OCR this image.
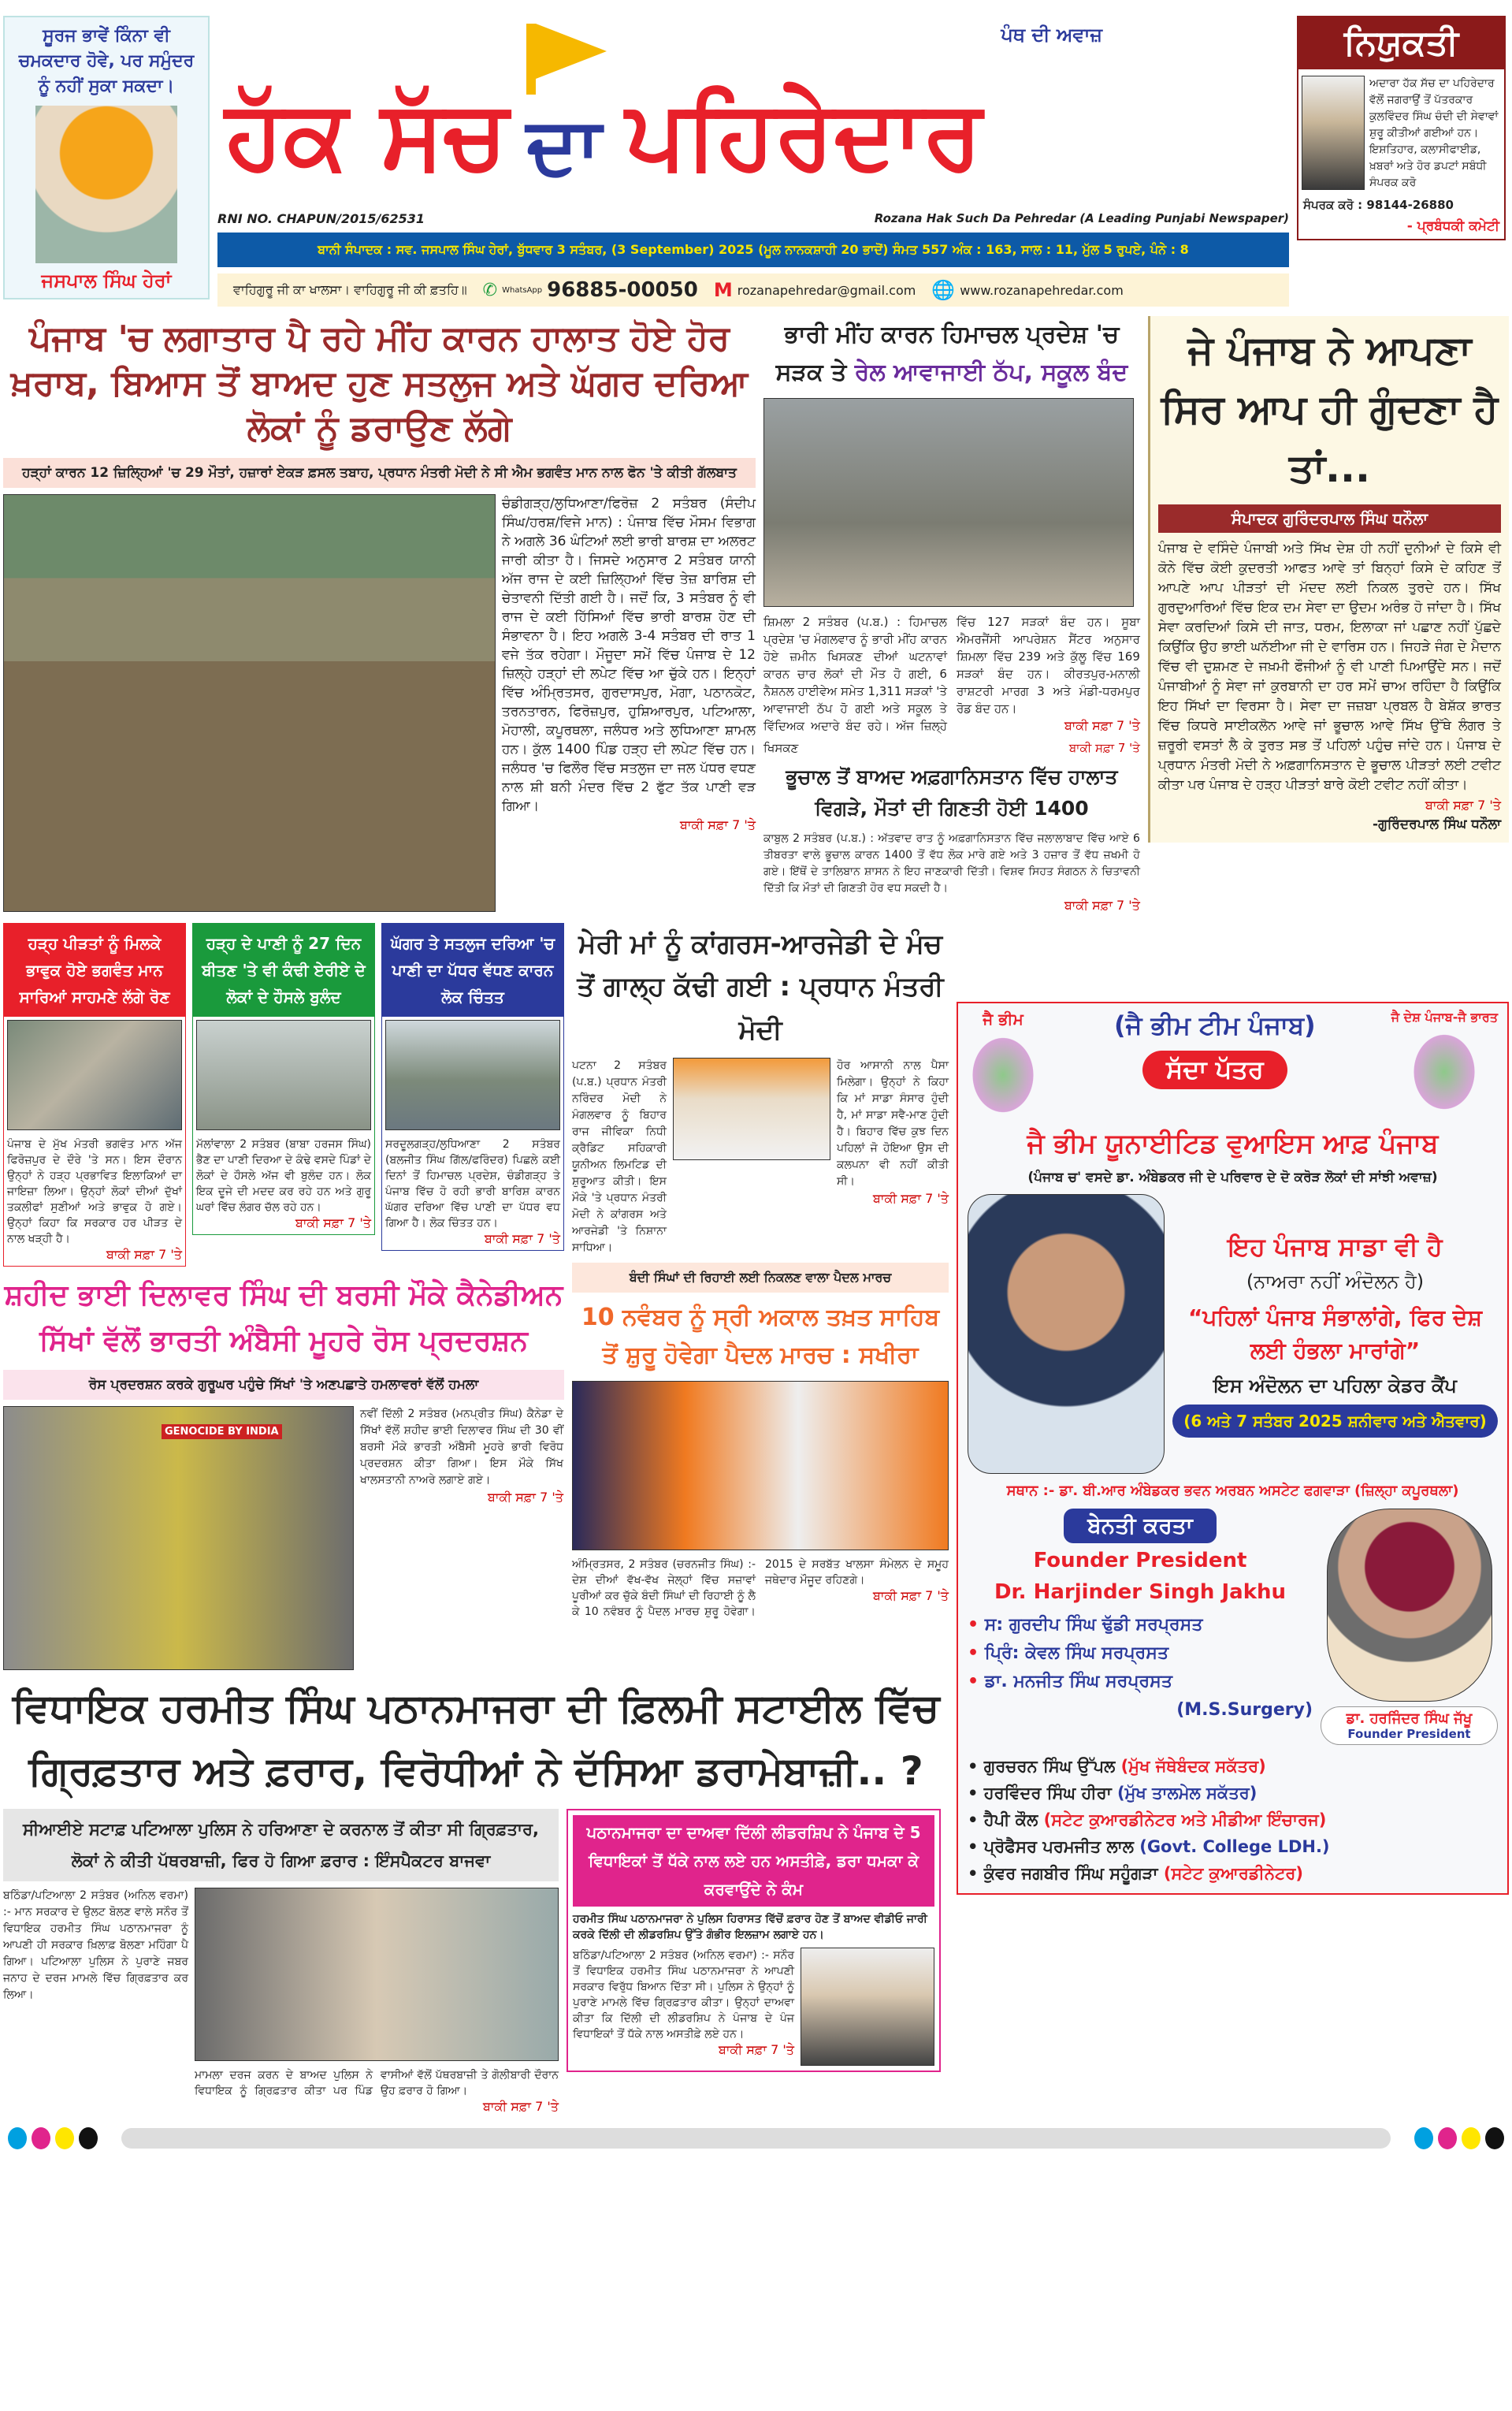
ਸੂਰਜ ਭਾਵੇਂ ਕਿੰਨਾ ਵੀ ਚਮਕਦਾਰ ਹੋਵੇ, ਪਰ ਸਮੁੰਦਰ ਨੂੰ ਨਹੀਂ ਸੁਕਾ ਸਕਦਾ।
ਜਸਪਾਲ ਸਿੰਘ ਹੇਰਾਂ
ਹੱਕ ਸੱਚ ਦਾ ਪਹਿਰੇਦਾਰ
ਪੰਥ ਦੀ ਅਵਾਜ਼
RNI NO. CHAPUN/2015/62531	Rozana Hak Such Da Pehredar (A Leading Punjabi Newspaper)
ਬਾਨੀ ਸੰਪਾਦਕ : ਸਵ. ਜਸਪਾਲ ਸਿੰਘ ਹੇਰਾਂ, ਬੁੱਧਵਾਰ 3 ਸਤੰਬਰ, (3 September) 2025 (ਮੂਲ ਨਾਨਕਸ਼ਾਹੀ 20 ਭਾਦੋਂ) ਸੰਮਤ 557 ਅੰਕ : 163, ਸਾਲ : 11, ਮੁੱਲ 5 ਰੁਪਏ, ਪੰਨੇ : 8
ਵਾਹਿਗੁਰੂ ਜੀ ਕਾ ਖਾਲਸਾ। ਵਾਹਿਗੁਰੂ ਜੀ ਕੀ ਫ਼ਤਹਿ॥ ✆ WhatsApp 96885-00050 M rozanapehredar@gmail.com 🌐 www.rozanapehredar.com
ਨਿਯੁਕਤੀ
ਅਦਾਰਾ ਹੱਕ ਸੱਚ ਦਾ ਪਹਿਰੇਦਾਰ ਵੱਲੋਂ ਜਗਰਾਉਂ ਤੋਂ ਪੱਤਰਕਾਰ ਕੁਲਵਿੰਦਰ ਸਿੰਘ ਚੰਦੀ ਦੀ ਸੇਵਾਵਾਂ ਸ਼ੁਰੂ ਕੀਤੀਆਂ ਗਈਆਂ ਹਨ। ਇਸ਼ਤਿਹਾਰ, ਕਲਾਸੀਫਾਈਡ, ਖ਼ਬਰਾਂ ਅਤੇ ਹੋਰ ਡਪਟਾਂ ਸਬੰਧੀ ਸੰਪਰਕ ਕਰੋ
ਸੰਪਰਕ ਕਰੋ : 98144-26880
- ਪ੍ਰਬੰਧਕੀ ਕਮੇਟੀ
ਪੰਜਾਬ 'ਚ ਲਗਾਤਾਰ ਪੈ ਰਹੇ ਮੀਂਹ ਕਾਰਨ ਹਾਲਾਤ ਹੋਏ ਹੋਰ ਖ਼ਰਾਬ, ਬਿਆਸ ਤੋਂ ਬਾਅਦ ਹੁਣ ਸਤਲੁਜ ਅਤੇ ਘੱਗਰ ਦਰਿਆ ਲੋਕਾਂ ਨੂੰ ਡਰਾਉਣ ਲੱਗੇ
ਹੜ੍ਹਾਂ ਕਾਰਨ 12 ਜ਼ਿਲ੍ਹਿਆਂ 'ਚ 29 ਮੌਤਾਂ, ਹਜ਼ਾਰਾਂ ਏਕੜ ਫ਼ਸਲ ਤਬਾਹ, ਪ੍ਰਧਾਨ ਮੰਤਰੀ ਮੋਦੀ ਨੇ ਸੀ ਐਮ ਭਗਵੰਤ ਮਾਨ ਨਾਲ ਫੋਨ 'ਤੇ ਕੀਤੀ ਗੱਲਬਾਤ
ਚੰਡੀਗੜ੍ਹ/ਲੁਧਿਆਣਾ/ਫਿਰੋਜ਼ 2 ਸਤੰਬਰ (ਸੰਦੀਪ ਸਿੰਘ/ਹਰਸ਼/ਵਿਜੇ ਮਾਨ) : ਪੰਜਾਬ ਵਿੱਚ ਮੌਸਮ ਵਿਭਾਗ ਨੇ ਅਗਲੇ 36 ਘੰਟਿਆਂ ਲਈ ਭਾਰੀ ਬਾਰਸ਼ ਦਾ ਅਲਰਟ ਜਾਰੀ ਕੀਤਾ ਹੈ। ਜਿਸਦੇ ਅਨੁਸਾਰ 2 ਸਤੰਬਰ ਯਾਨੀ ਅੱਜ ਰਾਜ ਦੇ ਕਈ ਜ਼ਿਲ੍ਹਿਆਂ ਵਿੱਚ ਤੇਜ਼ ਬਾਰਿਸ਼ ਦੀ ਚੇਤਾਵਨੀ ਦਿੱਤੀ ਗਈ ਹੈ। ਜਦੋਂ ਕਿ, 3 ਸਤੰਬਰ ਨੂੰ ਵੀ ਰਾਜ ਦੇ ਕਈ ਹਿੱਸਿਆਂ ਵਿੱਚ ਭਾਰੀ ਬਾਰਸ਼ ਹੋਣ ਦੀ ਸੰਭਾਵਨਾ ਹੈ। ਇਹ ਅਗਲੇ 3-4 ਸਤੰਬਰ ਦੀ ਰਾਤ 1 ਵਜੇ ਤੱਕ ਰਹੇਗਾ। ਮੌਜੂਦਾ ਸਮੇਂ ਵਿੱਚ ਪੰਜਾਬ ਦੇ 12 ਜ਼ਿਲ੍ਹੇ ਹੜ੍ਹਾਂ ਦੀ ਲਪੇਟ ਵਿੱਚ ਆ ਚੁੱਕੇ ਹਨ। ਇਨ੍ਹਾਂ ਵਿੱਚ ਅੰਮ੍ਰਿਤਸਰ, ਗੁਰਦਾਸਪੁਰ, ਮੋਗਾ, ਪਠਾਨਕੋਟ, ਤਰਨਤਾਰਨ, ਫਿਰੋਜ਼ਪੁਰ, ਹੁਸ਼ਿਆਰਪੁਰ, ਪਟਿਆਲਾ, ਮੋਹਾਲੀ, ਕਪੂਰਥਲਾ, ਜਲੰਧਰ ਅਤੇ ਲੁਧਿਆਣਾ ਸ਼ਾਮਲ ਹਨ। ਕੁੱਲ 1400 ਪਿੰਡ ਹੜ੍ਹ ਦੀ ਲਪੇਟ ਵਿੱਚ ਹਨ। ਜਲੰਧਰ 'ਚ ਫਿਲੌਰ ਵਿੱਚ ਸਤਲੁਜ ਦਾ ਜਲ ਪੱਧਰ ਵਧਣ ਨਾਲ ਸ਼ੀ ਬਨੀ ਮੰਦਰ ਵਿੱਚ 2 ਫੁੱਟ ਤੱਕ ਪਾਣੀ ਵੜ ਗਿਆ।
ਬਾਕੀ ਸਫ਼ਾ 7 'ਤੇ
ਭਾਰੀ ਮੀਂਹ ਕਾਰਨ ਹਿਮਾਚਲ ਪ੍ਰਦੇਸ਼ 'ਚ
ਸੜਕ ਤੇ ਰੇਲ ਆਵਾਜਾਈ ਠੱਪ, ਸਕੂਲ ਬੰਦ
ਸ਼ਿਮਲਾ 2 ਸਤੰਬਰ (ਪ.ਬ.) : ਹਿਮਾਚਲ ਪ੍ਰਦੇਸ਼ 'ਚ ਮੰਗਲਵਾਰ ਨੂੰ ਭਾਰੀ ਮੀਂਹ ਕਾਰਨ ਹੋਏ ਜ਼ਮੀਨ ਖਿਸਕਣ ਦੀਆਂ ਘਟਨਾਵਾਂ ਕਾਰਨ ਚਾਰ ਲੋਕਾਂ ਦੀ ਮੌਤ ਹੋ ਗਈ, 6 ਨੈਸ਼ਨਲ ਹਾਈਵੇਅ ਸਮੇਤ 1,311 ਸੜਕਾਂ 'ਤੇ ਆਵਾਜਾਈ ਠੱਪ ਹੋ ਗਈ ਅਤੇ ਸਕੂਲ ਤੇ ਵਿੱਦਿਅਕ ਅਦਾਰੇ ਬੰਦ ਰਹੇ। ਅੱਜ ਜ਼ਿਲ੍ਹੇ ਵਿੱਚ 127 ਸੜਕਾਂ ਬੰਦ ਹਨ। ਸੂਬਾ ਐਮਰਜੈਂਸੀ ਆਪਰੇਸ਼ਨ ਸੈਂਟਰ ਅਨੁਸਾਰ ਸ਼ਿਮਲਾ ਵਿੱਚ 239 ਅਤੇ ਕੁੱਲੂ ਵਿੱਚ 169 ਸੜਕਾਂ ਬੰਦ ਹਨ। ਕੀਰਤਪੁਰ-ਮਨਾਲੀ ਰਾਸ਼ਟਰੀ ਮਾਰਗ 3 ਅਤੇ ਮੰਡੀ-ਧਰਮਪੁਰ ਰੋਡ ਬੰਦ ਹਨ।
ਬਾਕੀ ਸਫ਼ਾ 7 'ਤੇ
ਖਿਸਕਣ	ਬਾਕੀ ਸਫ਼ਾ 7 'ਤੇ
ਭੂਚਾਲ ਤੋਂ ਬਾਅਦ ਅਫ਼ਗਾਨਿਸਤਾਨ ਵਿੱਚ ਹਾਲਾਤ ਵਿਗੜੇ, ਮੌਤਾਂ ਦੀ ਗਿਣਤੀ ਹੋਈ 1400
ਕਾਬੁਲ 2 ਸਤੰਬਰ (ਪ.ਬ.) : ਅੱਤਵਾਦ ਰਾਤ ਨੂੰ ਅਫ਼ਗਾਨਿਸਤਾਨ ਵਿੱਚ ਜਲਾਲਾਬਾਦ ਵਿੱਚ ਆਏ 6 ਤੀਬਰਤਾ ਵਾਲੇ ਭੂਚਾਲ ਕਾਰਨ 1400 ਤੋਂ ਵੱਧ ਲੋਕ ਮਾਰੇ ਗਏ ਅਤੇ 3 ਹਜ਼ਾਰ ਤੋਂ ਵੱਧ ਜ਼ਖਮੀ ਹੋ ਗਏ। ਇੱਥੋਂ ਦੇ ਤਾਲਿਬਾਨ ਸ਼ਾਸਨ ਨੇ ਇਹ ਜਾਣਕਾਰੀ ਦਿੱਤੀ। ਵਿਸ਼ਵ ਸਿਹਤ ਸੰਗਠਨ ਨੇ ਚਿਤਾਵਨੀ ਦਿੱਤੀ ਕਿ ਮੌਤਾਂ ਦੀ ਗਿਣਤੀ ਹੋਰ ਵਧ ਸਕਦੀ ਹੈ।
ਬਾਕੀ ਸਫ਼ਾ 7 'ਤੇ
ਜੇ ਪੰਜਾਬ ਨੇ ਆਪਣਾ ਸਿਰ ਆਪ ਹੀ ਗੁੰਦਣਾ ਹੈ ਤਾਂ...
ਸੰਪਾਦਕ ਗੁਰਿੰਦਰਪਾਲ ਸਿੰਘ ਧਨੌਲਾ
ਪੰਜਾਬ ਦੇ ਵਸਿੰਦੇ ਪੰਜਾਬੀ ਅਤੇ ਸਿੱਖ ਦੇਸ਼ ਹੀ ਨਹੀਂ ਦੁਨੀਆਂ ਦੇ ਕਿਸੇ ਵੀ ਕੋਨੇ ਵਿੱਚ ਕੋਈ ਕੁਦਰਤੀ ਆਫਤ ਆਵੇ ਤਾਂ ਬਿਨ੍ਹਾਂ ਕਿਸੇ ਦੇ ਕਹਿਣ ਤੋਂ ਆਪਣੇ ਆਪ ਪੀੜਤਾਂ ਦੀ ਮੱਦਦ ਲਈ ਨਿਕਲ ਤੁਰਦੇ ਹਨ। ਸਿੱਖ ਗੁਰਦੁਆਰਿਆਂ ਵਿੱਚ ਇਕ ਦਮ ਸੇਵਾ ਦਾ ਉਦਮ ਅਰੰਭ ਹੋ ਜਾਂਦਾ ਹੈ। ਸਿੱਖ ਸੇਵਾ ਕਰਦਿਆਂ ਕਿਸੇ ਦੀ ਜਾਤ, ਧਰਮ, ਇਲਾਕਾ ਜਾਂ ਪਛਾਣ ਨਹੀਂ ਪੁੱਛਦੇ ਕਿਉਂਕਿ ਉਹ ਭਾਈ ਘਨੱਈਆ ਜੀ ਦੇ ਵਾਰਿਸ ਹਨ। ਜਿਹੜੇ ਜੰਗ ਦੇ ਮੈਦਾਨ ਵਿੱਚ ਵੀ ਦੁਸ਼ਮਣ ਦੇ ਜਖ਼ਮੀ ਫੌਜੀਆਂ ਨੂੰ ਵੀ ਪਾਣੀ ਪਿਆਉਂਦੇ ਸਨ। ਜਦੋਂ ਪੰਜਾਬੀਆਂ ਨੂੰ ਸੇਵਾ ਜਾਂ ਕੁਰਬਾਨੀ ਦਾ ਹਰ ਸਮੇਂ ਚਾਅ ਰਹਿੰਦਾ ਹੈ ਕਿਉਂਕਿ ਇਹ ਸਿੱਖਾਂ ਦਾ ਵਿਰਸਾ ਹੈ। ਸੇਵਾ ਦਾ ਜਜ਼ਬਾ ਪ੍ਰਬਲ ਹੈ ਬੇਸ਼ੱਕ ਭਾਰਤ ਵਿੱਚ ਕਿਧਰੇ ਸਾਈਕਲੋਨ ਆਵੇ ਜਾਂ ਭੂਚਾਲ ਆਵੇ ਸਿੱਖ ਉੱਥੇ ਲੰਗਰ ਤੇ ਜ਼ਰੂਰੀ ਵਸਤਾਂ ਲੈ ਕੇ ਤੁਰਤ ਸਭ ਤੋਂ ਪਹਿਲਾਂ ਪਹੁੰਚ ਜਾਂਦੇ ਹਨ। ਪੰਜਾਬ ਦੇ ਪ੍ਰਧਾਨ ਮੰਤਰੀ ਮੋਦੀ ਨੇ ਅਫ਼ਗਾਨਿਸਤਾਨ ਦੇ ਭੂਚਾਲ ਪੀੜਤਾਂ ਲਈ ਟਵੀਟ ਕੀਤਾ ਪਰ ਪੰਜਾਬ ਦੇ ਹੜ੍ਹ ਪੀੜਤਾਂ ਬਾਰੇ ਕੋਈ ਟਵੀਟ ਨਹੀਂ ਕੀਤਾ।
ਬਾਕੀ ਸਫ਼ਾ 7 'ਤੇ
-ਗੁਰਿੰਦਰਪਾਲ ਸਿੰਘ ਧਨੌਲਾ
ਹੜ੍ਹ ਪੀੜਤਾਂ ਨੂੰ ਮਿਲਕੇ ਭਾਵੁਕ ਹੋਏ ਭਗਵੰਤ ਮਾਨ ਸਾਰਿਆਂ ਸਾਹਮਣੇ ਲੱਗੇ ਰੋਣ
ਪੰਜਾਬ ਦੇ ਮੁੱਖ ਮੰਤਰੀ ਭਗਵੰਤ ਮਾਨ ਅੱਜ ਫਿਰੋਜ਼ਪੁਰ ਦੇ ਦੌਰੇ 'ਤੇ ਸਨ। ਇਸ ਦੌਰਾਨ ਉਨ੍ਹਾਂ ਨੇ ਹੜ੍ਹ ਪ੍ਰਭਾਵਿਤ ਇਲਾਕਿਆਂ ਦਾ ਜਾਇਜ਼ਾ ਲਿਆ। ਉਨ੍ਹਾਂ ਲੋਕਾਂ ਦੀਆਂ ਦੁੱਖਾਂ ਤਕਲੀਫਾਂ ਸੁਣੀਆਂ ਅਤੇ ਭਾਵੁਕ ਹੋ ਗਏ। ਉਨ੍ਹਾਂ ਕਿਹਾ ਕਿ ਸਰਕਾਰ ਹਰ ਪੀੜਤ ਦੇ ਨਾਲ ਖੜ੍ਹੀ ਹੈ।
ਬਾਕੀ ਸਫ਼ਾ 7 'ਤੇ
ਹੜ੍ਹ ਦੇ ਪਾਣੀ ਨੂੰ 27 ਦਿਨ ਬੀਤਣ 'ਤੇ ਵੀ ਕੰਢੀ ਏਰੀਏ ਦੇ ਲੋਕਾਂ ਦੇ ਹੌਸਲੇ ਬੁਲੰਦ
ਮੱਲਾਂਵਾਲਾ 2 ਸਤੰਬਰ (ਬਾਬਾ ਹਰਜਸ ਸਿੰਘ) ਭੈਣ ਦਾ ਪਾਣੀ ਦਿਰਆ ਦੇ ਕੰਢੇ ਵਸਦੇ ਪਿੰਡਾਂ ਦੇ ਲੋਕਾਂ ਦੇ ਹੌਸਲੇ ਅੱਜ ਵੀ ਬੁਲੰਦ ਹਨ। ਲੋਕ ਇਕ ਦੂਜੇ ਦੀ ਮਦਦ ਕਰ ਰਹੇ ਹਨ ਅਤੇ ਗੁਰੂ ਘਰਾਂ ਵਿੱਚ ਲੰਗਰ ਚੱਲ ਰਹੇ ਹਨ।
ਬਾਕੀ ਸਫ਼ਾ 7 'ਤੇ
ਘੱਗਰ ਤੇ ਸਤਲੁਜ ਦਰਿਆ 'ਚ ਪਾਣੀ ਦਾ ਪੱਧਰ ਵੱਧਣ ਕਾਰਨ ਲੋਕ ਚਿੰਤਤ
ਸਰਦੂਲਗੜ੍ਹ/ਲੁਧਿਆਣਾ 2 ਸਤੰਬਰ (ਬਲਜੀਤ ਸਿੰਘ ਗਿੱਲ/ਫਰਿੰਦਰ) ਪਿਛਲੇ ਕਈ ਦਿਨਾਂ ਤੋਂ ਹਿਮਾਚਲ ਪ੍ਰਦੇਸ਼, ਚੰਡੀਗੜ੍ਹ ਤੇ ਪੰਜਾਬ ਵਿੱਚ ਹੋ ਰਹੀ ਭਾਰੀ ਬਾਰਿਸ਼ ਕਾਰਨ ਘੱਗਰ ਦਰਿਆ ਵਿੱਚ ਪਾਣੀ ਦਾ ਪੱਧਰ ਵਧ ਗਿਆ ਹੈ। ਲੋਕ ਚਿੰਤਤ ਹਨ।
ਬਾਕੀ ਸਫ਼ਾ 7 'ਤੇ
ਸ਼ਹੀਦ ਭਾਈ ਦਿਲਾਵਰ ਸਿੰਘ ਦੀ ਬਰਸੀ ਮੌਕੇ ਕੈਨੇਡੀਅਨ ਸਿੱਖਾਂ ਵੱਲੋਂ ਭਾਰਤੀ ਅੰਬੈਸੀ ਮੂਹਰੇ ਰੋਸ ਪ੍ਰਦਰਸ਼ਨ
ਰੋਸ ਪ੍ਰਦਰਸ਼ਨ ਕਰਕੇ ਗੁਰੂਘਰ ਪਹੁੰਚੇ ਸਿੱਖਾਂ 'ਤੇ ਅਣਪਛਾਤੇ ਹਮਲਾਵਰਾਂ ਵੱਲੋਂ ਹਮਲਾ
GENOCIDE BY INDIA
ਨਵੀਂ ਦਿੱਲੀ 2 ਸਤੰਬਰ (ਮਨਪ੍ਰੀਤ ਸਿੰਘ) ਕੈਨੇਡਾ ਦੇ ਸਿੱਖਾਂ ਵੱਲੋਂ ਸ਼ਹੀਦ ਭਾਈ ਦਿਲਾਵਰ ਸਿੰਘ ਦੀ 30 ਵੀਂ ਬਰਸੀ ਮੌਕੇ ਭਾਰਤੀ ਅੰਬੈਸੀ ਮੂਹਰੇ ਭਾਰੀ ਵਿਰੋਧ ਪ੍ਰਦਰਸ਼ਨ ਕੀਤਾ ਗਿਆ। ਇਸ ਮੌਕੇ ਸਿੱਖ ਖਾਲਸਤਾਨੀ ਨਾਅਰੇ ਲਗਾਏ ਗਏ।
ਬਾਕੀ ਸਫ਼ਾ 7 'ਤੇ
ਮੇਰੀ ਮਾਂ ਨੂੰ ਕਾਂਗਰਸ-ਆਰਜੇਡੀ ਦੇ ਮੰਚ ਤੋਂ ਗਾਲ੍ਹ ਕੱਢੀ ਗਈ : ਪ੍ਰਧਾਨ ਮੰਤਰੀ ਮੋਦੀ
ਪਟਨਾ 2 ਸਤੰਬਰ (ਪ.ਬ.) ਪ੍ਰਧਾਨ ਮੰਤਰੀ ਨਰਿੰਦਰ ਮੋਦੀ ਨੇ ਮੰਗਲਵਾਰ ਨੂੰ ਬਿਹਾਰ ਰਾਜ ਜੀਵਿਕਾ ਨਿਧੀ ਕ੍ਰੈਡਿਟ ਸਹਿਕਾਰੀ ਯੂਨੀਅਨ ਲਿਮਟਿਡ ਦੀ ਸ਼ੁਰੂਆਤ ਕੀਤੀ। ਇਸ ਮੌਕੇ 'ਤੇ ਪ੍ਰਧਾਨ ਮੰਤਰੀ ਮੋਦੀ ਨੇ ਕਾਂਗਰਸ ਅਤੇ ਆਰਜੇਡੀ 'ਤੇ ਨਿਸ਼ਾਨਾ ਸਾਧਿਆ।
ਹੋਰ ਆਸਾਨੀ ਨਾਲ ਪੈਸਾ ਮਿਲੇਗਾ। ਉਨ੍ਹਾਂ ਨੇ ਕਿਹਾ ਕਿ ਮਾਂ ਸਾਡਾ ਸੰਸਾਰ ਹੁੰਦੀ ਹੈ, ਮਾਂ ਸਾਡਾ ਸਵੈ-ਮਾਣ ਹੁੰਦੀ ਹੈ। ਬਿਹਾਰ ਵਿੱਚ ਕੁਝ ਦਿਨ ਪਹਿਲਾਂ ਜੋ ਹੋਇਆ ਉਸ ਦੀ ਕਲਪਨਾ ਵੀ ਨਹੀਂ ਕੀਤੀ ਸੀ।
ਬਾਕੀ ਸਫ਼ਾ 7 'ਤੇ
ਬੰਦੀ ਸਿੰਘਾਂ ਦੀ ਰਿਹਾਈ ਲਈ ਨਿਕਲਣ ਵਾਲਾ ਪੈਦਲ ਮਾਰਚ
10 ਨਵੰਬਰ ਨੂੰ ਸ੍ਰੀ ਅਕਾਲ ਤਖ਼ਤ ਸਾਹਿਬ ਤੋਂ ਸ਼ੁਰੂ ਹੋਵੇਗਾ ਪੈਦਲ ਮਾਰਚ : ਸਖੀਰਾ
ਅੰਮ੍ਰਿਤਸਰ, 2 ਸਤੰਬਰ (ਚਰਨਜੀਤ ਸਿੰਘ) :- ਦੇਸ਼ ਦੀਆਂ ਵੱਖ-ਵੱਖ ਜੇਲ੍ਹਾਂ ਵਿੱਚ ਸਜ਼ਾਵਾਂ ਪੂਰੀਆਂ ਕਰ ਚੁੱਕੇ ਬੰਦੀ ਸਿੰਘਾਂ ਦੀ ਰਿਹਾਈ ਨੂੰ ਲੈ ਕੇ 10 ਨਵੰਬਰ ਨੂੰ ਪੈਦਲ ਮਾਰਚ ਸ਼ੁਰੂ ਹੋਵੇਗਾ। 2015 ਦੇ ਸਰਬੱਤ ਖਾਲਸਾ ਸੰਮੇਲਨ ਦੇ ਸਮੂਹ ਜਥੇਦਾਰ ਮੌਜੂਦ ਰਹਿਣਗੇ।
ਬਾਕੀ ਸਫ਼ਾ 7 'ਤੇ
ਵਿਧਾਇਕ ਹਰਮੀਤ ਸਿੰਘ ਪਠਾਨਮਾਜਰਾ ਦੀ ਫ਼ਿਲਮੀ ਸਟਾਈਲ ਵਿੱਚ ਗ੍ਰਿਫ਼ਤਾਰ ਅਤੇ ਫ਼ਰਾਰ, ਵਿਰੋਧੀਆਂ ਨੇ ਦੱਸਿਆ ਡਰਾਮੇਬਾਜ਼ੀ.. ?
ਸੀਆਈਏ ਸਟਾਫ਼ ਪਟਿਆਲਾ ਪੁਲਿਸ ਨੇ ਹਰਿਆਣਾ ਦੇ ਕਰਨਾਲ ਤੋਂ ਕੀਤਾ ਸੀ ਗ੍ਰਿਫ਼ਤਾਰ, ਲੋਕਾਂ ਨੇ ਕੀਤੀ ਪੱਥਰਬਾਜ਼ੀ, ਫਿਰ ਹੋ ਗਿਆ ਫ਼ਰਾਰ : ਇੰਸਪੈਕਟਰ ਬਾਜਵਾ
ਬਠਿੰਡਾ/ਪਟਿਆਲਾ 2 ਸਤੰਬਰ (ਅਨਿਲ ਵਰਮਾ) :- ਮਾਨ ਸਰਕਾਰ ਦੇ ਉਲਟ ਬੋਲਣ ਵਾਲੇ ਸਨੌਰ ਤੋਂ ਵਿਧਾਇਕ ਹਰਮੀਤ ਸਿੰਘ ਪਠਾਨਮਾਜਰਾ ਨੂੰ ਆਪਣੀ ਹੀ ਸਰਕਾਰ ਖ਼ਿਲਾਫ਼ ਬੋਲਣਾ ਮਹਿੰਗਾ ਪੈ ਗਿਆ। ਪਟਿਆਲਾ ਪੁਲਿਸ ਨੇ ਪੁਰਾਣੇ ਜਬਰ ਜਨਾਹ ਦੇ ਦਰਜ ਮਾਮਲੇ ਵਿੱਚ ਗ੍ਰਿਫ਼ਤਾਰ ਕਰ ਲਿਆ।
ਮਾਮਲਾ ਦਰਜ ਕਰਨ ਦੇ ਬਾਅਦ ਪੁਲਿਸ ਨੇ ਵਿਧਾਇਕ ਨੂੰ ਗ੍ਰਿਫ਼ਤਾਰ ਕੀਤਾ ਪਰ ਪਿੰਡ ਵਾਸੀਆਂ ਵੱਲੋਂ ਪੱਥਰਬਾਜ਼ੀ ਤੇ ਗੋਲੀਬਾਰੀ ਦੌਰਾਨ ਉਹ ਫ਼ਰਾਰ ਹੋ ਗਿਆ।
ਬਾਕੀ ਸਫ਼ਾ 7 'ਤੇ
ਪਠਾਨਮਾਜਰਾ ਦਾ ਦਾਅਵਾ ਦਿੱਲੀ ਲੀਡਰਸ਼ਿਪ ਨੇ ਪੰਜਾਬ ਦੇ 5 ਵਿਧਾਇਕਾਂ ਤੋਂ ਧੱਕੇ ਨਾਲ ਲਏ ਹਨ ਅਸਤੀਫ਼ੇ, ਡਰਾ ਧਮਕਾ ਕੇ ਕਰਵਾਉਂਦੇ ਨੇ ਕੰਮ
ਹਰਮੀਤ ਸਿੰਘ ਪਠਾਨਮਾਜਰਾ ਨੇ ਪੁਲਿਸ ਹਿਰਾਸਤ ਵਿੱਚੋਂ ਫ਼ਰਾਰ ਹੋਣ ਤੋਂ ਬਾਅਦ ਵੀਡੀਓ ਜਾਰੀ ਕਰਕੇ ਦਿੱਲੀ ਦੀ ਲੀਡਰਸ਼ਿਪ ਉੱਤੇ ਗੰਭੀਰ ਇਲਜ਼ਾਮ ਲਗਾਏ ਹਨ।
ਬਠਿੰਡਾ/ਪਟਿਆਲਾ 2 ਸਤੰਬਰ (ਅਨਿਲ ਵਰਮਾ) :- ਸਨੌਰ ਤੋਂ ਵਿਧਾਇਕ ਹਰਮੀਤ ਸਿੰਘ ਪਠਾਨਮਾਜਰਾ ਨੇ ਆਪਣੀ ਸਰਕਾਰ ਵਿਰੁੱਧ ਬਿਆਨ ਦਿੱਤਾ ਸੀ। ਪੁਲਿਸ ਨੇ ਉਨ੍ਹਾਂ ਨੂੰ ਪੁਰਾਣੇ ਮਾਮਲੇ ਵਿੱਚ ਗ੍ਰਿਫ਼ਤਾਰ ਕੀਤਾ। ਉਨ੍ਹਾਂ ਦਾਅਵਾ ਕੀਤਾ ਕਿ ਦਿੱਲੀ ਦੀ ਲੀਡਰਸ਼ਿਪ ਨੇ ਪੰਜਾਬ ਦੇ ਪੰਜ ਵਿਧਾਇਕਾਂ ਤੋਂ ਧੱਕੇ ਨਾਲ ਅਸਤੀਫ਼ੇ ਲਏ ਹਨ।
ਬਾਕੀ ਸਫ਼ਾ 7 'ਤੇ
ਜੈ ਭੀਮ	(ਜੈ ਭੀਮ ਟੀਮ ਪੰਜਾਬ)
ਸੱਦਾ ਪੱਤਰ
ਜੈ ਦੇਸ਼ ਪੰਜਾਬ-ਜੈ ਭਾਰਤ
ਜੈ ਭੀਮ ਯੂਨਾਈਟਿਡ ਵੁਆਇਸ ਆਫ਼ ਪੰਜਾਬ
(ਪੰਜਾਬ ਚ' ਵਸਦੇ ਡਾ. ਅੰਬੇਡਕਰ ਜੀ ਦੇ ਪਰਿਵਾਰ ਦੇ ਦੋ ਕਰੋੜ ਲੋਕਾਂ ਦੀ ਸਾਂਝੀ ਅਵਾਜ਼)
ਇਹ ਪੰਜਾਬ ਸਾਡਾ ਵੀ ਹੈ
(ਨਾਅਰਾ ਨਹੀਂ ਅੰਦੋਲਨ ਹੈ)
“ਪਹਿਲਾਂ ਪੰਜਾਬ ਸੰਭਾਲਾਂਗੇ, ਫਿਰ ਦੇਸ਼ ਲਈ ਹੰਭਲਾ ਮਾਰਾਂਗੇ”
ਇਸ ਅੰਦੋਲਨ ਦਾ ਪਹਿਲਾ ਕੇਡਰ ਕੈਂਪ
(6 ਅਤੇ 7 ਸਤੰਬਰ 2025 ਸ਼ਨੀਵਾਰ ਅਤੇ ਐਤਵਾਰ)
ਸਥਾਨ :- ਡਾ. ਬੀ.ਆਰ ਅੰਬੇਡਕਰ ਭਵਨ ਅਰਬਨ ਅਸਟੇਟ ਫਗਵਾੜਾ (ਜ਼ਿਲ੍ਹਾ ਕਪੂਰਥਲਾ)
ਬੇਨਤੀ ਕਰਤਾ
Founder President
Dr. Harjinder Singh Jakhu
• ਸ: ਗੁਰਦੀਪ ਸਿੰਘ ਢੁੱਡੀ ਸਰਪ੍ਰਸਤ
• ਪ੍ਰਿੰ: ਕੇਵਲ ਸਿੰਘ ਸਰਪ੍ਰਸਤ
• ਡਾ. ਮਨਜੀਤ ਸਿੰਘ ਸਰਪ੍ਰਸਤ
(M.S.Surgery)	ਡਾ. ਹਰਜਿੰਦਰ ਸਿੰਘ ਜੱਖੂ
Founder President
• ਗੁਰਚਰਨ ਸਿੰਘ ਉੱਪਲ (ਮੁੱਖ ਜੱਥੇਬੰਦਕ ਸਕੱਤਰ)
• ਹਰਵਿੰਦਰ ਸਿੰਘ ਹੀਰਾ (ਮੁੱਖ ਤਾਲਮੇਲ ਸਕੱਤਰ)
• ਹੈਪੀ ਕੌਲ (ਸਟੇਟ ਕੁਆਰਡੀਨੇਟਰ ਅਤੇ ਮੀਡੀਆ ਇੰਚਾਰਜ)
• ਪ੍ਰੋਫੈਸਰ ਪਰਮਜੀਤ ਲਾਲ (Govt. College LDH.)
• ਕੁੰਵਰ ਜਗਬੀਰ ਸਿੰਘ ਸਹੂੰਗੜਾ (ਸਟੇਟ ਕੁਆਰਡੀਨੇਟਰ)
